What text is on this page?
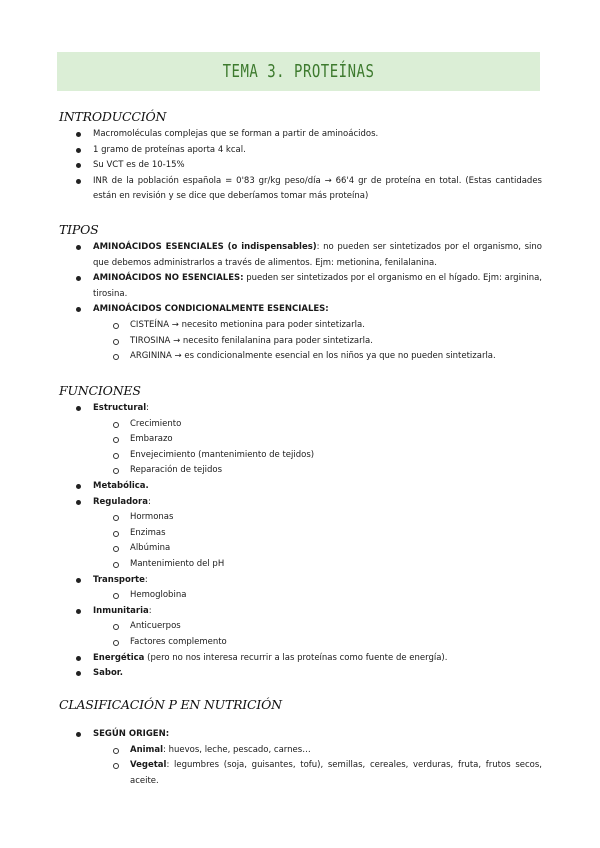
TEMA 3. PROTEÍNAS
INTRODUCCIÓN
Macromoléculas complejas que se forman a partir de aminoácidos.
1 gramo de proteínas aporta 4 kcal.
Su VCT es de 10-15%
INR de la población española = 0'83 gr/kg peso/día → 66'4 gr de proteína en total. (Estas cantidades están en revisión y se dice que deberíamos tomar más proteína)
TIPOS
AMINOÁCIDOS ESENCIALES (o indispensables): no pueden ser sintetizados por el organismo, sino que debemos administrarlos a través de alimentos. Ejm: metionina, fenilalanina.
AMINOÁCIDOS NO ESENCIALES: pueden ser sintetizados por el organismo en el hígado. Ejm: arginina, tirosina.
AMINOÁCIDOS CONDICIONALMENTE ESENCIALES:
CISTEÍNA → necesito metionina para poder sintetizarla.
TIROSINA → necesito fenilalanina para poder sintetizarla.
ARGININA → es condicionalmente esencial en los niños ya que no pueden sintetizarla.
FUNCIONES
Estructural:
Crecimiento
Embarazo
Envejecimiento (mantenimiento de tejidos)
Reparación de tejidos
Metabólica.
Reguladora:
Hormonas
Enzimas
Albúmina
Mantenimiento del pH
Transporte:
Hemoglobina
Inmunitaria:
Anticuerpos
Factores complemento
Energética (pero no nos interesa recurrir a las proteínas como fuente de energía).
Sabor.
CLASIFICACIÓN P EN NUTRICIÓN
SEGÚN ORIGEN:
Animal: huevos, leche, pescado, carnes…
Vegetal: legumbres (soja, guisantes, tofu), semillas, cereales, verduras, fruta, frutos secos, aceite.
